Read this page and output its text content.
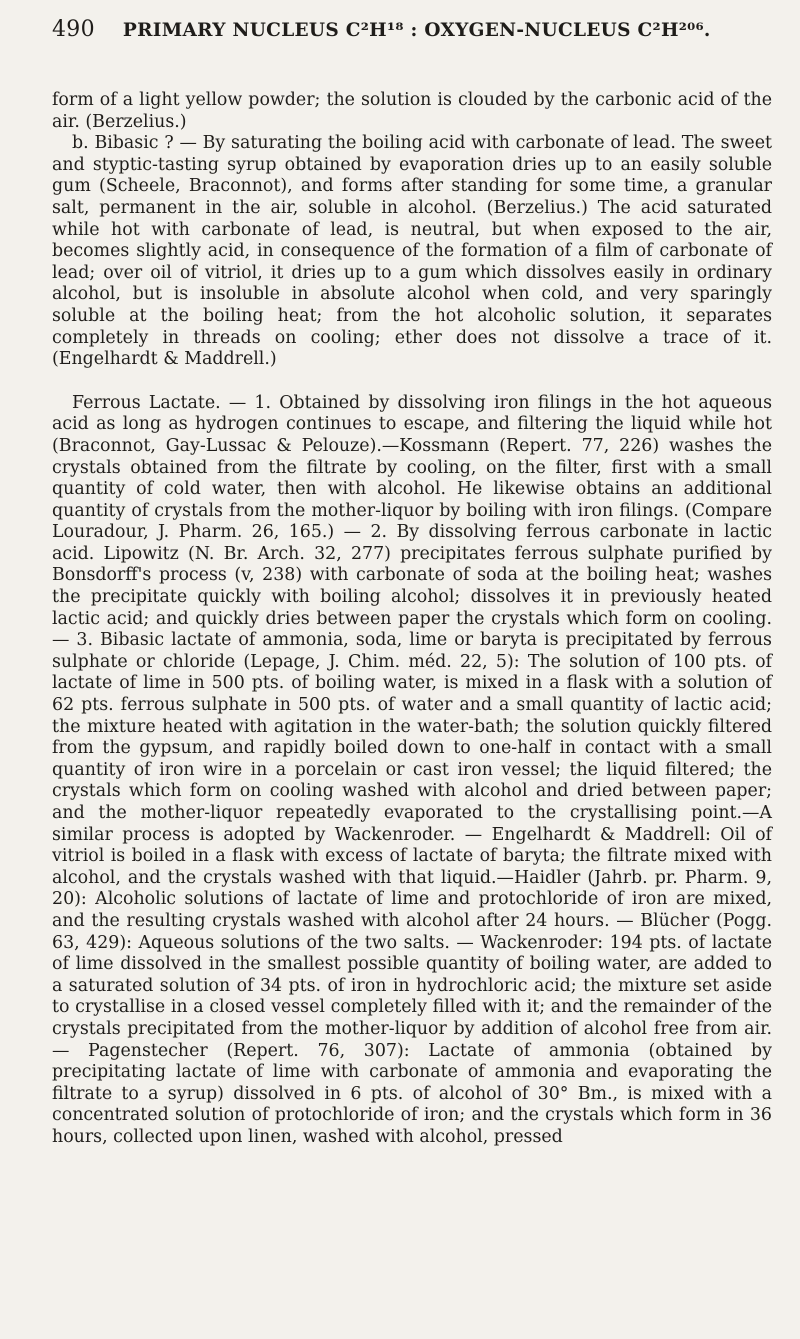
490 PRIMARY NUCLEUS C²H¹⁸ : OXYGEN-NUCLEUS C²H²⁰⁶.

form of a light yellow powder; the solution is clouded by the carbonic acid of the air. (Berzelius.)

b. Bibasic ? — By saturating the boiling acid with carbonate of lead. The sweet and styptic-tasting syrup obtained by evaporation dries up to an easily soluble gum (Scheele, Braconnot), and forms after standing for some time, a granular salt, permanent in the air, soluble in alcohol. (Berzelius.) The acid saturated while hot with carbonate of lead, is neutral, but when exposed to the air, becomes slightly acid, in consequence of the formation of a film of carbonate of lead; over oil of vitriol, it dries up to a gum which dissolves easily in ordinary alcohol, but is insoluble in absolute alcohol when cold, and very sparingly soluble at the boiling heat; from the hot alcoholic solution, it separates completely in threads on cooling; ether does not dissolve a trace of it. (Engelhardt & Maddrell.)

Ferrous Lactate. — 1. Obtained by dissolving iron filings in the hot aqueous acid as long as hydrogen continues to escape, and filtering the liquid while hot (Braconnot, Gay-Lussac & Pelouze).—Kossmann (Repert. 77, 226) washes the crystals obtained from the filtrate by cooling, on the filter, first with a small quantity of cold water, then with alcohol. He likewise obtains an additional quantity of crystals from the mother-liquor by boiling with iron filings. (Compare Louradour, J. Pharm. 26, 165.) — 2. By dissolving ferrous carbonate in lactic acid. Lipowitz (N. Br. Arch. 32, 277) precipitates ferrous sulphate purified by Bonsdorff's process (v, 238) with carbonate of soda at the boiling heat; washes the precipitate quickly with boiling alcohol; dissolves it in previously heated lactic acid; and quickly dries between paper the crystals which form on cooling. — 3. Bibasic lactate of ammonia, soda, lime or baryta is precipitated by ferrous sulphate or chloride (Lepage, J. Chim. méd. 22, 5): The solution of 100 pts. of lactate of lime in 500 pts. of boiling water, is mixed in a flask with a solution of 62 pts. ferrous sulphate in 500 pts. of water and a small quantity of lactic acid; the mixture heated with agitation in the water-bath; the solution quickly filtered from the gypsum, and rapidly boiled down to one-half in contact with a small quantity of iron wire in a porcelain or cast iron vessel; the liquid filtered; the crystals which form on cooling washed with alcohol and dried between paper; and the mother-liquor repeatedly evaporated to the crystallising point.—A similar process is adopted by Wackenroder. — Engelhardt & Maddrell: Oil of vitriol is boiled in a flask with excess of lactate of baryta; the filtrate mixed with alcohol, and the crystals washed with that liquid.—Haidler (Jahrb. pr. Pharm. 9, 20): Alcoholic solutions of lactate of lime and protochloride of iron are mixed, and the resulting crystals washed with alcohol after 24 hours. — Blücher (Pogg. 63, 429): Aqueous solutions of the two salts. — Wackenroder: 194 pts. of lactate of lime dissolved in the smallest possible quantity of boiling water, are added to a saturated solution of 34 pts. of iron in hydrochloric acid; the mixture set aside to crystallise in a closed vessel completely filled with it; and the remainder of the crystals precipitated from the mother-liquor by addition of alcohol free from air.— Pagenstecher (Repert. 76, 307): Lactate of ammonia (obtained by precipitating lactate of lime with carbonate of ammonia and evaporating the filtrate to a syrup) dissolved in 6 pts. of alcohol of 30° Bm., is mixed with a concentrated solution of protochloride of iron; and the crystals which form in 36 hours, collected upon linen, washed with alcohol, pressed
